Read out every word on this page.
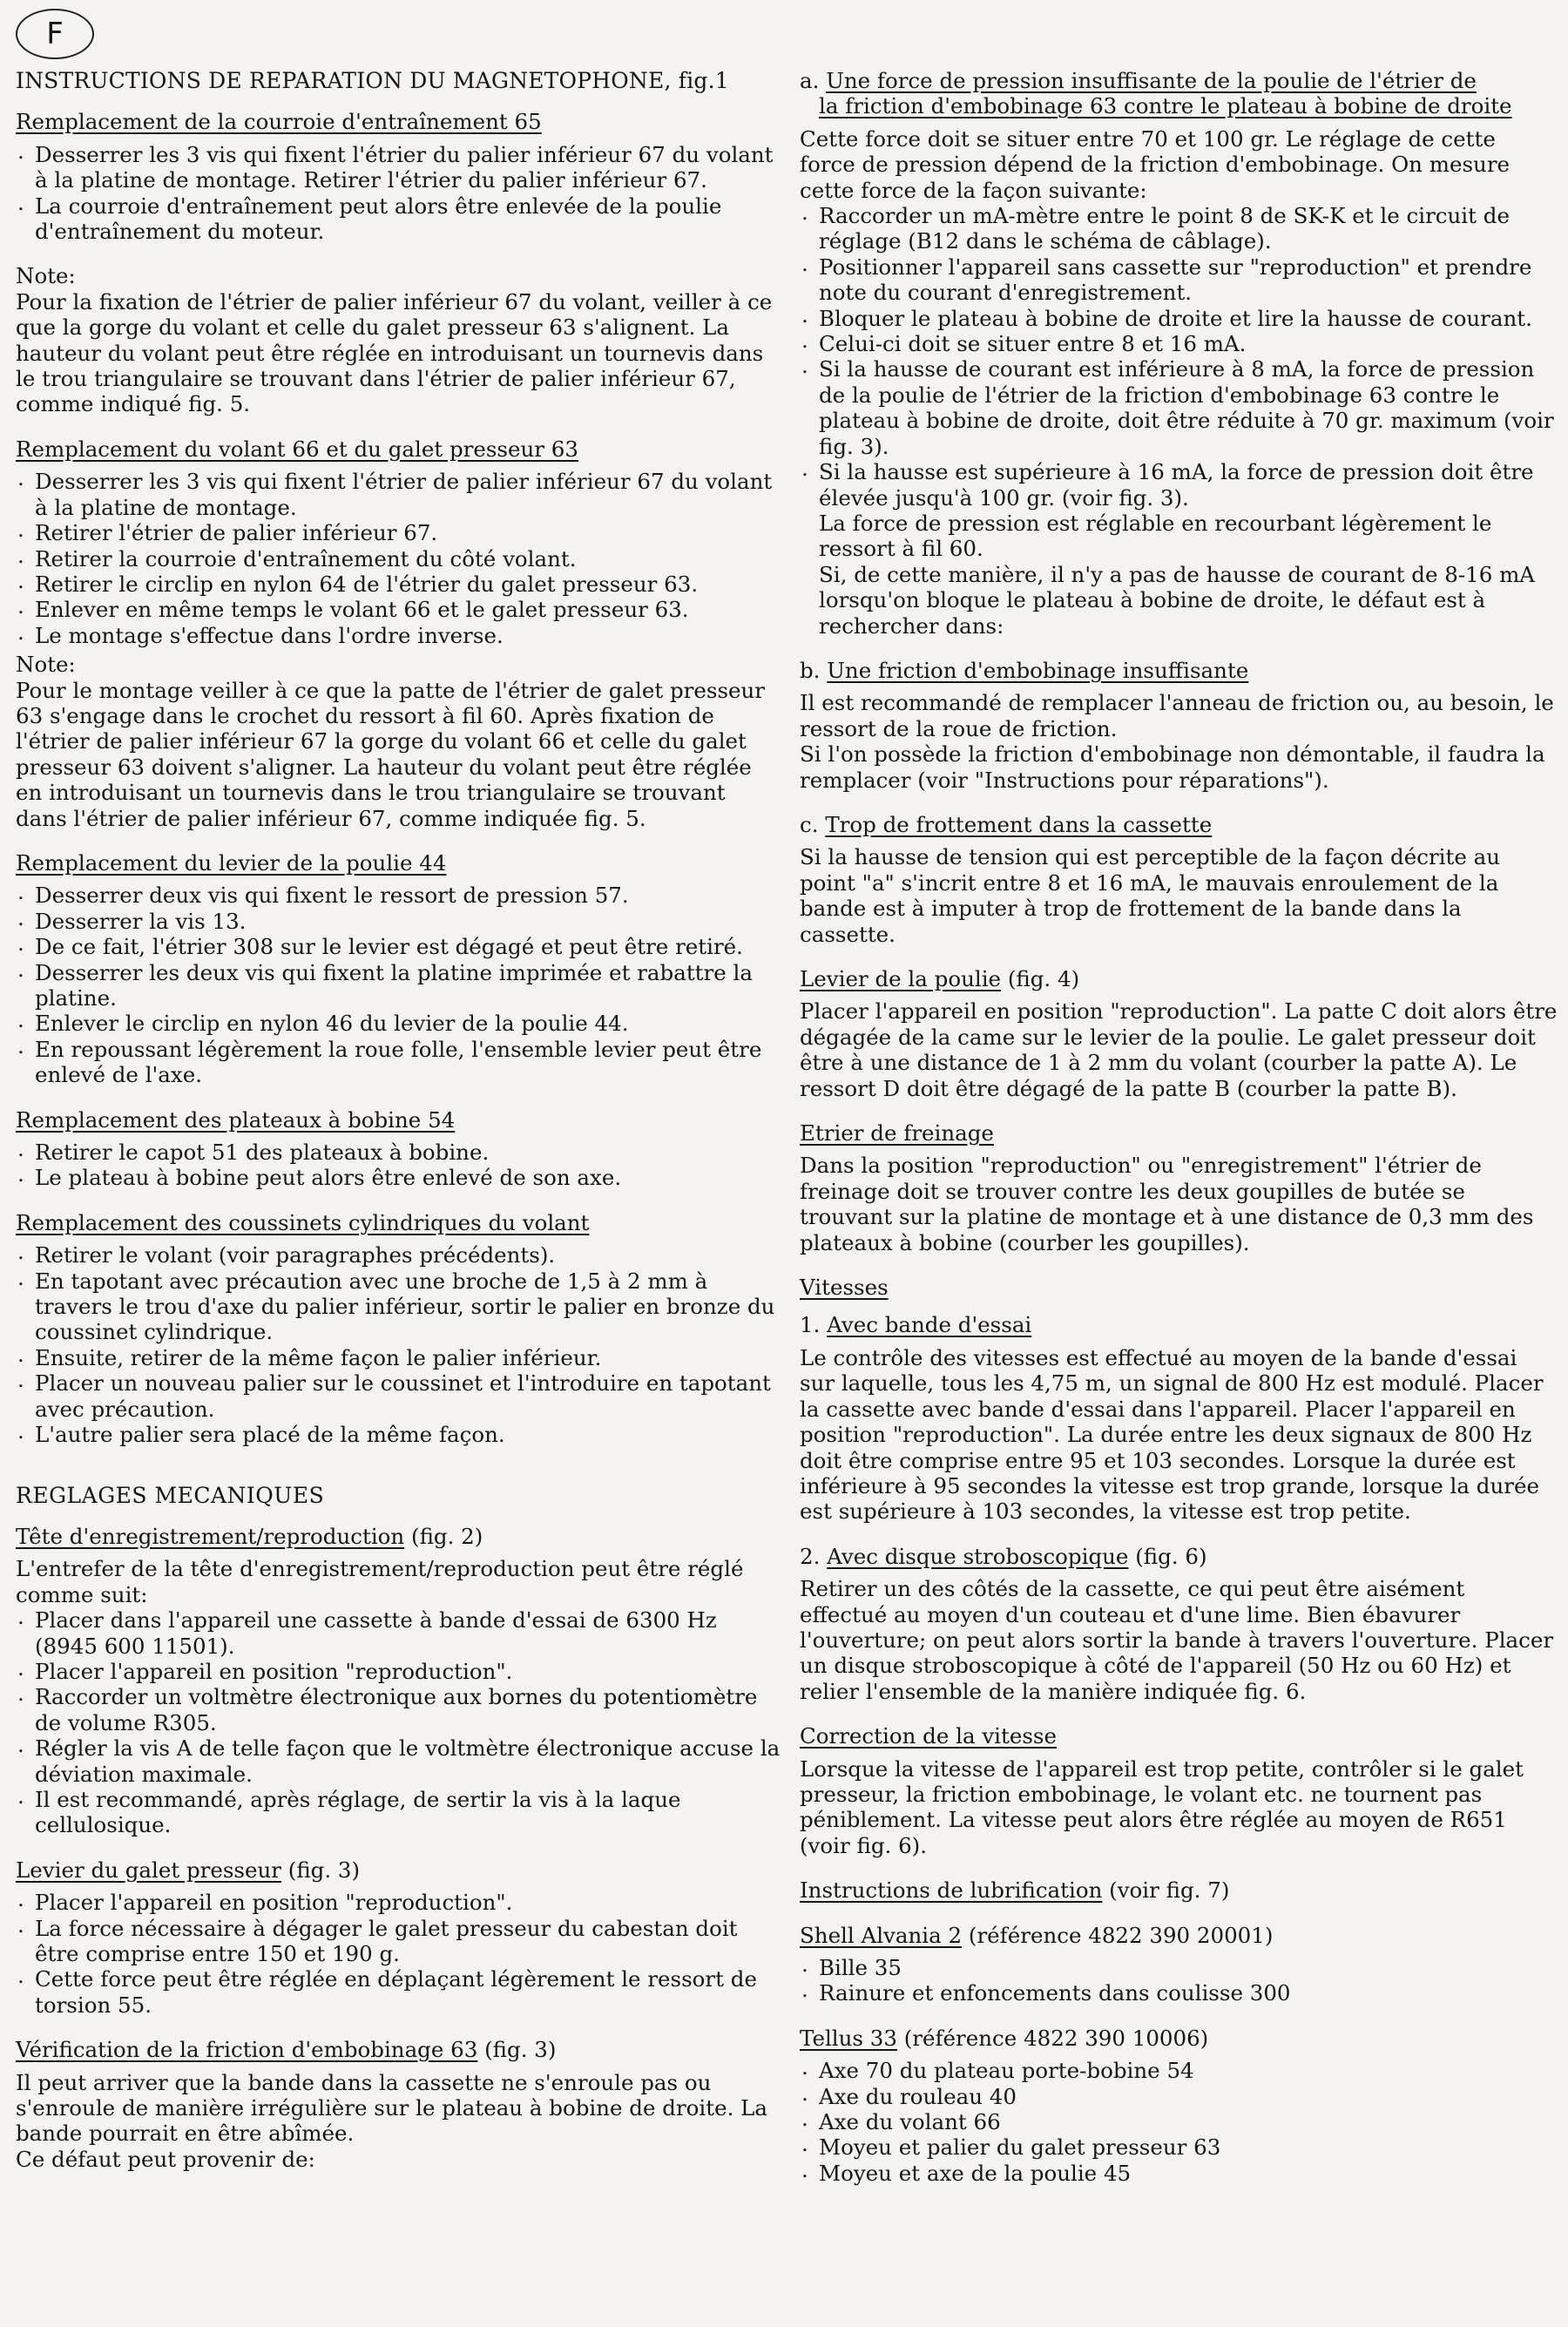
F
INSTRUCTIONS DE REPARATION DU MAGNETOPHONE, fig.1
Remplacement de la courroie d'entraînement 65
. Desserrer les 3 vis qui fixent l'étrier du palier inférieur 67 du volant à la platine de montage. Retirer l'étrier du palier inférieur 67.
. La courroie d'entraînement peut alors être enlevée de la poulie d'entraînement du moteur.

Note:

Pour la fixation de l'étrier de palier inférieur 67 du volant, veiller à ce que la gorge du volant et celle du galet presseur 63 s'alignent. La hauteur du volant peut être réglée en introduisant un tournevis dans le trou triangulaire se trouvant dans l'étrier de palier inférieur 67, comme indiqué fig. 5.

Remplacement du volant 66 et du galet presseur 63
. Desserrer les 3 vis qui fixent l'étrier de palier inférieur 67 du volant à la platine de montage.
. Retirer l'étrier de palier inférieur 67.
. Retirer la courroie d'entraînement du côté volant.
. Retirer le circlip en nylon 64 de l'étrier du galet presseur 63.
. Enlever en même temps le volant 66 et le galet presseur 63.
. Le montage s'effectue dans l'ordre inverse.

Note:

Pour le montage veiller à ce que la patte de l'étrier de galet presseur 63 s'engage dans le crochet du ressort à fil 60. Après fixation de l'étrier de palier inférieur 67 la gorge du volant 66 et celle du galet presseur 63 doivent s'aligner. La hauteur du volant peut être réglée en introduisant un tournevis dans le trou triangulaire se trouvant dans l'étrier de palier inférieur 67, comme indiquée fig. 5.

Remplacement du levier de la poulie 44
. Desserrer deux vis qui fixent le ressort de pression 57.
. Desserrer la vis 13.
. De ce fait, l'étrier 308 sur le levier est dégagé et peut être retiré.
. Desserrer les deux vis qui fixent la platine imprimée et rabattre la platine.
. Enlever le circlip en nylon 46 du levier de la poulie 44.
. En repoussant légèrement la roue folle, l'ensemble levier peut être enlevé de l'axe.
Remplacement des plateaux à bobine 54
. Retirer le capot 51 des plateaux à bobine.
. Le plateau à bobine peut alors être enlevé de son axe.
Remplacement des coussinets cylindriques du volant
. Retirer le volant (voir paragraphes précédents).
. En tapotant avec précaution avec une broche de 1,5 à 2 mm à travers le trou d'axe du palier inférieur, sortir le palier en bronze du coussinet cylindrique.
. Ensuite, retirer de la même façon le palier inférieur.
. Placer un nouveau palier sur le coussinet et l'introduire en tapotant avec précaution.
. L'autre palier sera placé de la même façon.
REGLAGES MECANIQUES
Tête d'enregistrement/reproduction (fig. 2)

L'entrefer de la tête d'enregistrement/reproduction peut être réglé comme suit:

. Placer dans l'appareil une cassette à bande d'essai de 6300 Hz (8945 600 11501).
. Placer l'appareil en position "reproduction".
. Raccorder un voltmètre électronique aux bornes du potentiomètre de volume R305.
. Régler la vis A de telle façon que le voltmètre électronique accuse la déviation maximale.
. Il est recommandé, après réglage, de sertir la vis à la laque cellulosique.
Levier du galet presseur (fig. 3)
. Placer l'appareil en position "reproduction".
. La force nécessaire à dégager le galet presseur du cabestan doit être comprise entre 150 et 190 g.
. Cette force peut être réglée en déplaçant légèrement le ressort de torsion 55.
Vérification de la friction d'embobinage 63 (fig. 3)

Il peut arriver que la bande dans la cassette ne s'enroule pas ou s'enroule de manière irrégulière sur le plateau à bobine de droite. La bande pourrait en être abîmée.

Ce défaut peut provenir de:

a. Une force de pression insuffisante de la poulie de l'étrier de
la friction d'embobinage 63 contre le plateau à bobine de droite

Cette force doit se situer entre 70 et 100 gr. Le réglage de cette force de pression dépend de la friction d'embobinage. On mesure cette force de la façon suivante:

. Raccorder un mA-mètre entre le point 8 de SK-K et le circuit de réglage (B12 dans le schéma de câblage).
. Positionner l'appareil sans cassette sur "reproduction" et prendre note du courant d'enregistrement.
. Bloquer le plateau à bobine de droite et lire la hausse de courant.
. Celui-ci doit se situer entre 8 et 16 mA.
. Si la hausse de courant est inférieure à 8 mA, la force de pression de la poulie de l'étrier de la friction d'embobinage 63 contre le plateau à bobine de droite, doit être réduite à 70 gr. maximum (voir fig. 3).
. Si la hausse est supérieure à 16 mA, la force de pression doit être élevée jusqu'à 100 gr. (voir fig. 3).

La force de pression est réglable en recourbant légèrement le ressort à fil 60.

Si, de cette manière, il n'y a pas de hausse de courant de 8-16 mA lorsqu'on bloque le plateau à bobine de droite, le défaut est à rechercher dans:

b. Une friction d'embobinage insuffisante

Il est recommandé de remplacer l'anneau de friction ou, au besoin, le ressort de la roue de friction.

Si l'on possède la friction d'embobinage non démontable, il faudra la remplacer (voir "Instructions pour réparations").

c. Trop de frottement dans la cassette

Si la hausse de tension qui est perceptible de la façon décrite au point "a" s'incrit entre 8 et 16 mA, le mauvais enroulement de la bande est à imputer à trop de frottement de la bande dans la cassette.

Levier de la poulie (fig. 4)

Placer l'appareil en position "reproduction". La patte C doit alors être dégagée de la came sur le levier de la poulie. Le galet presseur doit être à une distance de 1 à 2 mm du volant (courber la patte A). Le ressort D doit être dégagé de la patte B (courber la patte B).

Etrier de freinage

Dans la position "reproduction" ou "enregistrement" l'étrier de freinage doit se trouver contre les deux goupilles de butée se trouvant sur la platine de montage et à une distance de 0,3 mm des plateaux à bobine (courber les goupilles).

Vitesses
1. Avec bande d'essai

Le contrôle des vitesses est effectué au moyen de la bande d'essai sur laquelle, tous les 4,75 m, un signal de 800 Hz est modulé. Placer la cassette avec bande d'essai dans l'appareil. Placer l'appareil en position "reproduction". La durée entre les deux signaux de 800 Hz doit être comprise entre 95 et 103 secondes. Lorsque la durée est inférieure à 95 secondes la vitesse est trop grande, lorsque la durée est supérieure à 103 secondes, la vitesse est trop petite.

2. Avec disque stroboscopique (fig. 6)

Retirer un des côtés de la cassette, ce qui peut être aisément effectué au moyen d'un couteau et d'une lime. Bien ébavurer l'ouverture; on peut alors sortir la bande à travers l'ouverture. Placer un disque stroboscopique à côté de l'appareil (50 Hz ou 60 Hz) et relier l'ensemble de la manière indiquée fig. 6.

Correction de la vitesse

Lorsque la vitesse de l'appareil est trop petite, contrôler si le galet presseur, la friction embobinage, le volant etc. ne tournent pas péniblement. La vitesse peut alors être réglée au moyen de R651 (voir fig. 6).

Instructions de lubrification (voir fig. 7)
Shell Alvania 2 (référence 4822 390 20001)
. Bille 35
. Rainure et enfoncements dans coulisse 300
Tellus 33 (référence 4822 390 10006)
. Axe 70 du plateau porte-bobine 54
. Axe du rouleau 40
. Axe du volant 66
. Moyeu et palier du galet presseur 63
. Moyeu et axe de la poulie 45
